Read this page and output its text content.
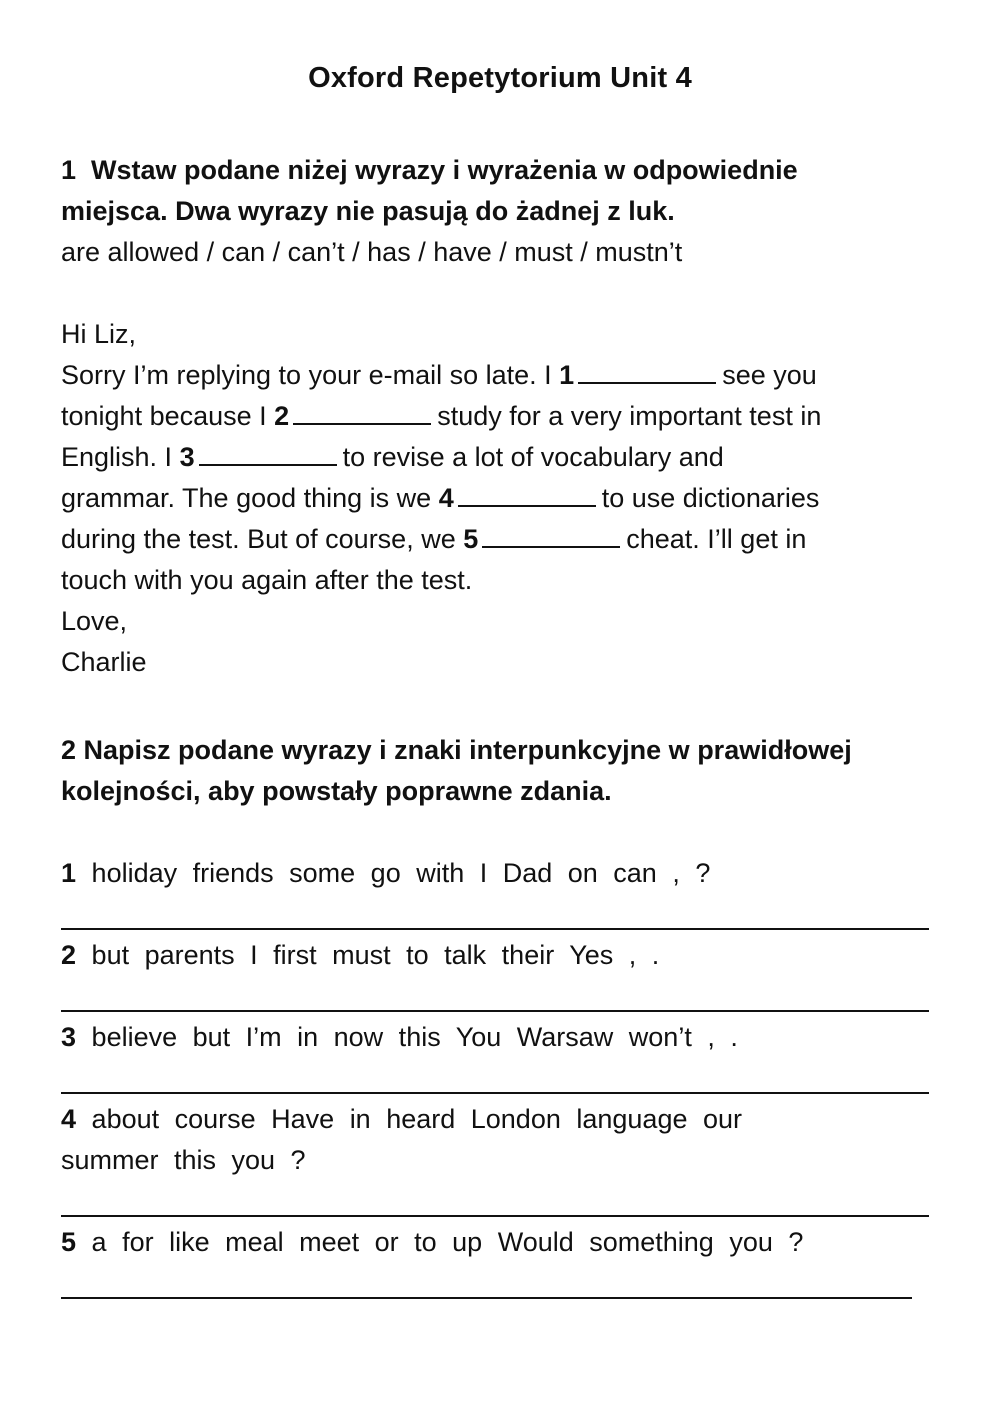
Oxford Repetytorium Unit 4
1 Wstaw podane niżej wyrazy i wyrażenia w odpowiednie
miejsca. Dwa wyrazy nie pasują do żadnej z luk.
are allowed / can / can’t / has / have / must / mustn’t
Hi Liz,
Sorry I’m replying to your e-mail so late. I 1	see you
tonight because I 2	study for a very important test in
English. I 3	to revise a lot of vocabulary and
grammar. The good thing is we 4	to use dictionaries
during the test. But of course, we 5	cheat. I’ll get in
touch with you again after the test.
Love,
Charlie
2 Napisz podane wyrazy i znaki interpunkcyjne w prawidłowej
kolejności, aby powstały poprawne zdania.
1 holiday friends some go with I Dad on can , ?
2 but parents I first must to talk their Yes , .
3 believe but I’m in now this You Warsaw won’t , .
4 about course Have in heard London language our
summer this you ?
5 a for like meal meet or to up Would something you ?
